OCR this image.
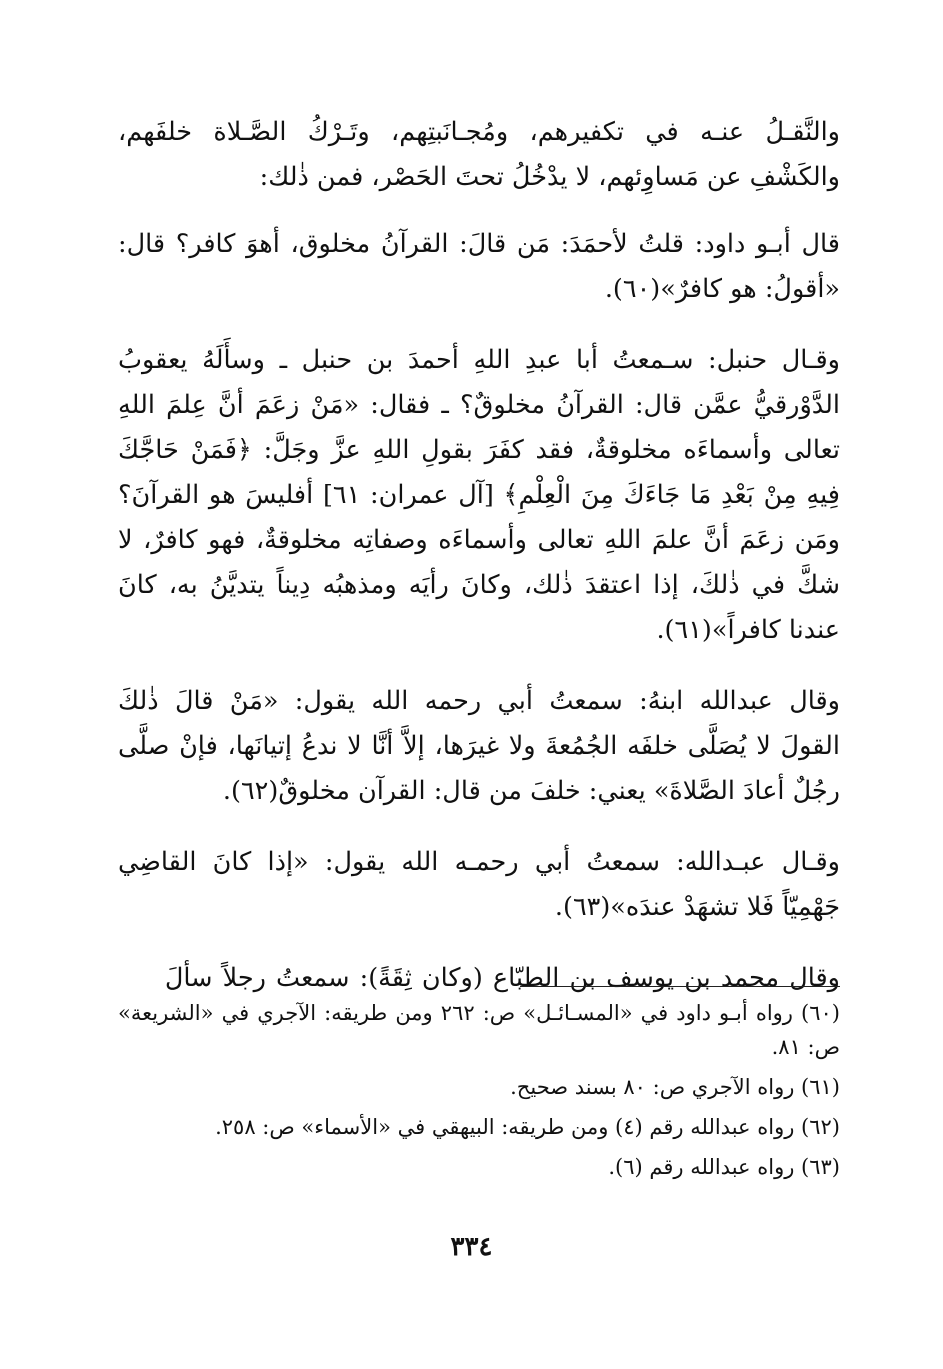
والنَّقـلُ عنـه في تكفيرهم، ومُجـانَبتِهم، وتَـرْكُ الصَّـلاة خلفَهم، والكَشْفِ عن مَساوِئهم، لا يدْخُلُ تحتَ الحَصْر، فمن ذٰلك:

قال أبـو داود: قلتُ لأحمَدَ: مَن قالَ: القرآنُ مخلوق، أهوَ كافر؟ قال: «أقولُ: هو كافرٌ»(٦٠).

وقـال حنبل: سـمعتُ أبا عبدِ اللهِ أحمدَ بن حنبل ـ وسأَلَهُ يعقوبُ الدَّوْرقيُّ عمَّن قال: القرآنُ مخلوقٌ؟ ـ فقال: «مَنْ زعَمَ أنَّ عِلمَ اللهِ تعالى وأسماءَه مخلوقةٌ، فقد كفَرَ بقولِ اللهِ عزَّ وجَلَّ: ﴿فَمَنْ حَاجَّكَ فِيهِ مِنْ بَعْدِ مَا جَاءَكَ مِنَ الْعِلْمِ﴾ [آل عمران: ٦١] أفليسَ هو القرآنَ؟ ومَن زعَمَ أنَّ علمَ اللهِ تعالى وأسماءَه وصفاتِه مخلوقةٌ، فهو كافرٌ، لا شكَّ في ذٰلكَ، إذا اعتقدَ ذٰلك، وكانَ رأيَه ومذهبُه دِيناً يتديَّنُ به، كانَ عندنا كافراً»(٦١).

وقال عبدالله ابنهُ: سمعتُ أبي رحمه الله يقول: «مَنْ قالَ ذٰلكَ القولَ لا يُصَلَّى خلفَه الجُمُعةَ ولا غيرَها، إلاَّ أنَّا لا ندعُ إتيانَها، فإنْ صلَّى رجُلٌ أعادَ الصَّلاةَ» يعني: خلفَ من قال: القرآن مخلوقٌ(٦٢).

وقـال عبـدالله: سمعتُ أبي رحمـه الله يقول: «إذا كانَ القاضِي جَهْمِيّاً فَلا تشهَدْ عندَه»(٦٣).

وقال محمد بن يوسف بن الطبّاع (وكان ثِقَةً): سمعتُ رجلاً سألَ

(٦٠) رواه أبـو داود في «المسـائـل» ص: ٢٦٢ ومن طريقه: الآجري في «الشريعة» ص: ٨١.

(٦١) رواه الآجري ص: ٨٠ بسند صحيح.

(٦٢) رواه عبدالله رقم (٤) ومن طريقه: البيهقي في «الأسماء» ص: ٢٥٨.

(٦٣) رواه عبدالله رقم (٦).

٣٣٤
